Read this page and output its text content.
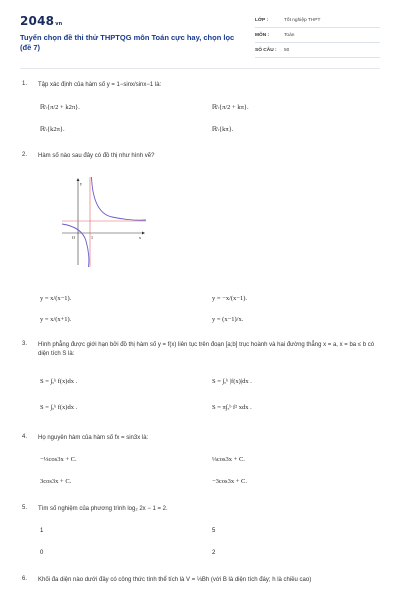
2048vn
Tuyển chọn đề thi thử THPTQG môn Toán cực hay, chọn lọc (đề 7)
LỚP :	Tốt nghiệp THPT
MÔN :	Toán
SỐ CÂU :	50
1.	Tập xác định của hàm số y = 1−sinx/sinx−1 là:
ℝ\{π/2 + k2π}.	ℝ\{π/2 + kπ}.
ℝ\{k2π}.	ℝ\{kπ}.
2.	Hàm số nào sau đây có đồ thị như hình vẽ?
y
x
O	1
y = x/(x−1).	y = −x/(x−1).
y = x/(x+1).	y = (x−1)/x.
3.	Hình phẳng được giới hạn bởi đồ thị hàm số y = f(x) liên tục trên đoạn [a;b] trục hoành và hai đường thẳng x = a, x = ba ≤ b có diện tích S là:
S = ∫ₐᵇ f(x)dx .	S = ∫ₐᵇ |f(x)|dx .
S = ∫ₐᵇ f(x)dx .	S = π∫ₐᵇ f² xdx .
4.	Họ nguyên hàm của hàm số fx = sin3x là:
−⅓cos3x + C.	⅓cos3x + C.
3cos3x + C.	−3cos3x + C.
5.	Tìm số nghiệm của phương trình log₂ 2x − 1 = 2.
1	5
0	2
6.	Khối đa diện nào dưới đây có công thức tính thể tích là V = ⅓Bh (với B là diện tích đáy; h là chiều cao)
